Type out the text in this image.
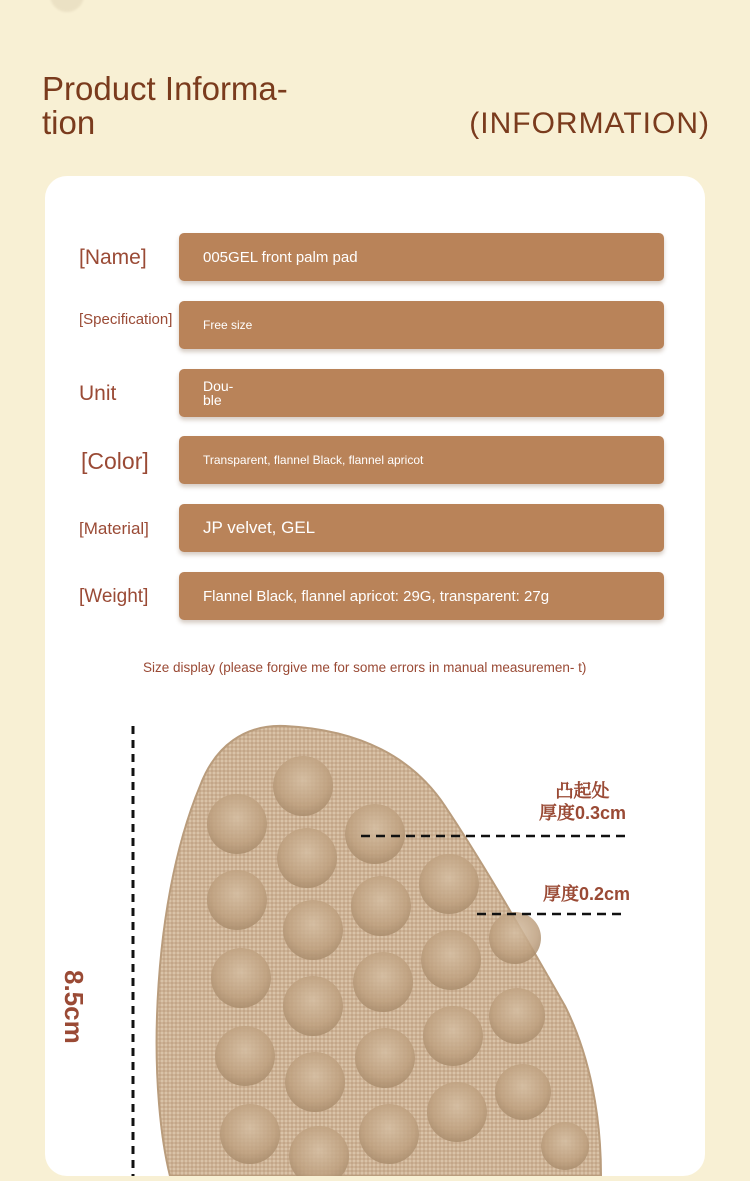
Product Informa- tion	(INFORMATION)
[Name]	005GEL front palm pad
[Specification]	Free size
Unit	Dou- ble
[Color]	Transparent, flannel Black, flannel apricot
[Material]	JP velvet, GEL
[Weight]	Flannel Black, flannel apricot: 29G, transparent: 27g
Size display (please forgive me for some errors in manual measuremen- t)
8.5cm
凸起处
厚度0.3cm
厚度0.2cm
